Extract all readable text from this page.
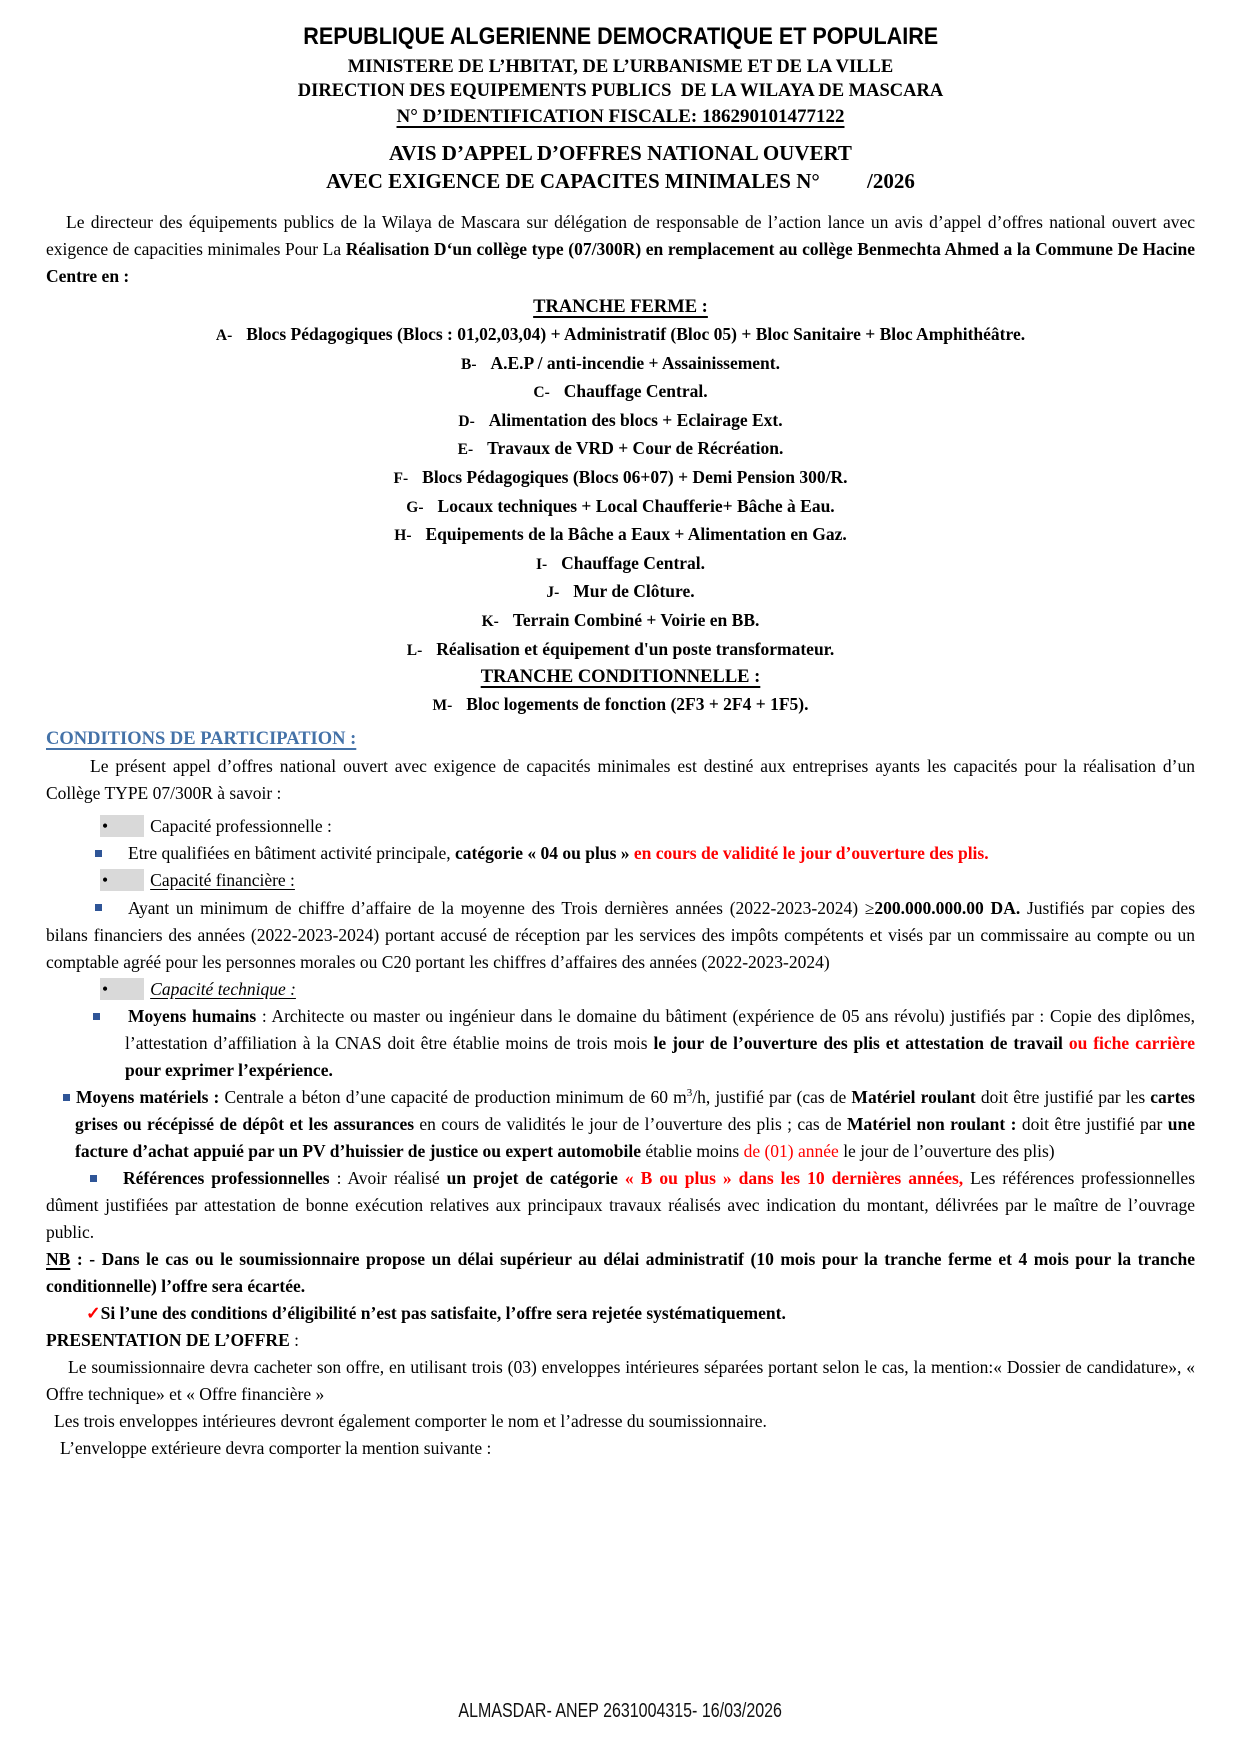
REPUBLIQUE ALGERIENNE DEMOCRATIQUE ET POPULAIRE
MINISTERE DE L’HBITAT, DE L’URBANISME ET DE LA VILLE
DIRECTION DES EQUIPEMENTS PUBLICS  DE LA WILAYA DE MASCARA
N° D’IDENTIFICATION FISCALE: 186290101477122
AVIS D’APPEL D’OFFRES NATIONAL OUVERT
AVEC EXIGENCE DE CAPACITES MINIMALES N°         /2026

Le directeur des équipements publics de la Wilaya de Mascara sur délégation de responsable de l’action lance un avis d’appel d’offres national ouvert avec exigence de capacities minimales Pour La Réalisation D‘un collège type (07/300R) en remplacement au collège Benmechta Ahmed a la Commune De Hacine Centre en :

TRANCHE FERME :
A- Blocs Pédagogiques (Blocs : 01,02,03,04) + Administratif (Bloc 05) + Bloc Sanitaire + Bloc Amphithéâtre.
B- A.E.P / anti-incendie + Assainissement.
C- Chauffage Central.
D- Alimentation des blocs + Eclairage Ext.
E- Travaux de VRD + Cour de Récréation.
F- Blocs Pédagogiques (Blocs 06+07) + Demi Pension 300/R.
G- Locaux techniques + Local Chaufferie+ Bâche à Eau.
H- Equipements de la Bâche a Eaux + Alimentation en Gaz.
I- Chauffage Central.
J- Mur de Clôture.
K- Terrain Combiné + Voirie en BB.
L- Réalisation et équipement d'un poste transformateur.
TRANCHE CONDITIONNELLE :
M- Bloc logements de fonction (2F3 + 2F4 + 1F5).
CONDITIONS DE PARTICIPATION :

Le présent appel d’offres national ouvert avec exigence de capacités minimales est destiné aux entreprises ayants les capacités pour la réalisation d’un Collège TYPE 07/300R à savoir :

• Capacité professionnelle :

Etre qualifiées en bâtiment activité principale, catégorie « 04 ou plus » en cours de validité le jour d’ouverture des plis.

• Capacité financière :

Ayant un minimum de chiffre d’affaire de la moyenne des Trois dernières années (2022-2023-2024) ≥200.000.000.00 DA. Justifiés par copies des bilans financiers des années (2022-2023-2024) portant accusé de réception par les services des impôts compétents et visés par un commissaire au compte ou un comptable agréé pour les personnes morales ou C20 portant les chiffres d’affaires des années (2022-2023-2024)

• Capacité technique :

Moyens humains : Architecte ou master ou ingénieur dans le domaine du bâtiment (expérience de 05 ans révolu) justifiés par : Copie des diplômes, l’attestation d’affiliation à la CNAS doit être établie moins de trois mois le jour de l’ouverture des plis et attestation de travail ou fiche carrière pour exprimer l’expérience.

Moyens matériels : Centrale a béton d’une capacité de production minimum de 60 $m^3/h$, justifié par (cas de Matériel roulant doit être justifié par les cartes grises ou récépissé de dépôt et les assurances en cours de validités le jour de l’ouverture des plis ; cas de Matériel non roulant : doit être justifié par une facture d’achat appuié par un PV d’huissier de justice ou expert automobile établie moins de (01) année le jour de l’ouverture des plis)

Références professionnelles : Avoir réalisé un projet de catégorie « B ou plus » dans les 10 dernières années, Les références professionnelles dûment justifiées par attestation de bonne exécution relatives aux principaux travaux réalisés avec indication du montant, délivrées par le maître de l’ouvrage public.

NB : - Dans le cas ou le soumissionnaire propose un délai supérieur au délai administratif (10 mois pour la tranche ferme et 4 mois pour la tranche conditionnelle) l’offre sera écartée.

✓Si l’une des conditions d’éligibilité n’est pas satisfaite, l’offre sera rejetée systématiquement.

PRESENTATION DE L’OFFRE :

Le soumissionnaire devra cacheter son offre, en utilisant trois (03) enveloppes intérieures séparées portant selon le cas, la mention:« Dossier de candidature», « Offre technique» et « Offre financière »

Les trois enveloppes intérieures devront également comporter le nom et l’adresse du soumissionnaire.

L’enveloppe extérieure devra comporter la mention suivante :

ALMASDAR- ANEP 2631004315- 16/03/2026
